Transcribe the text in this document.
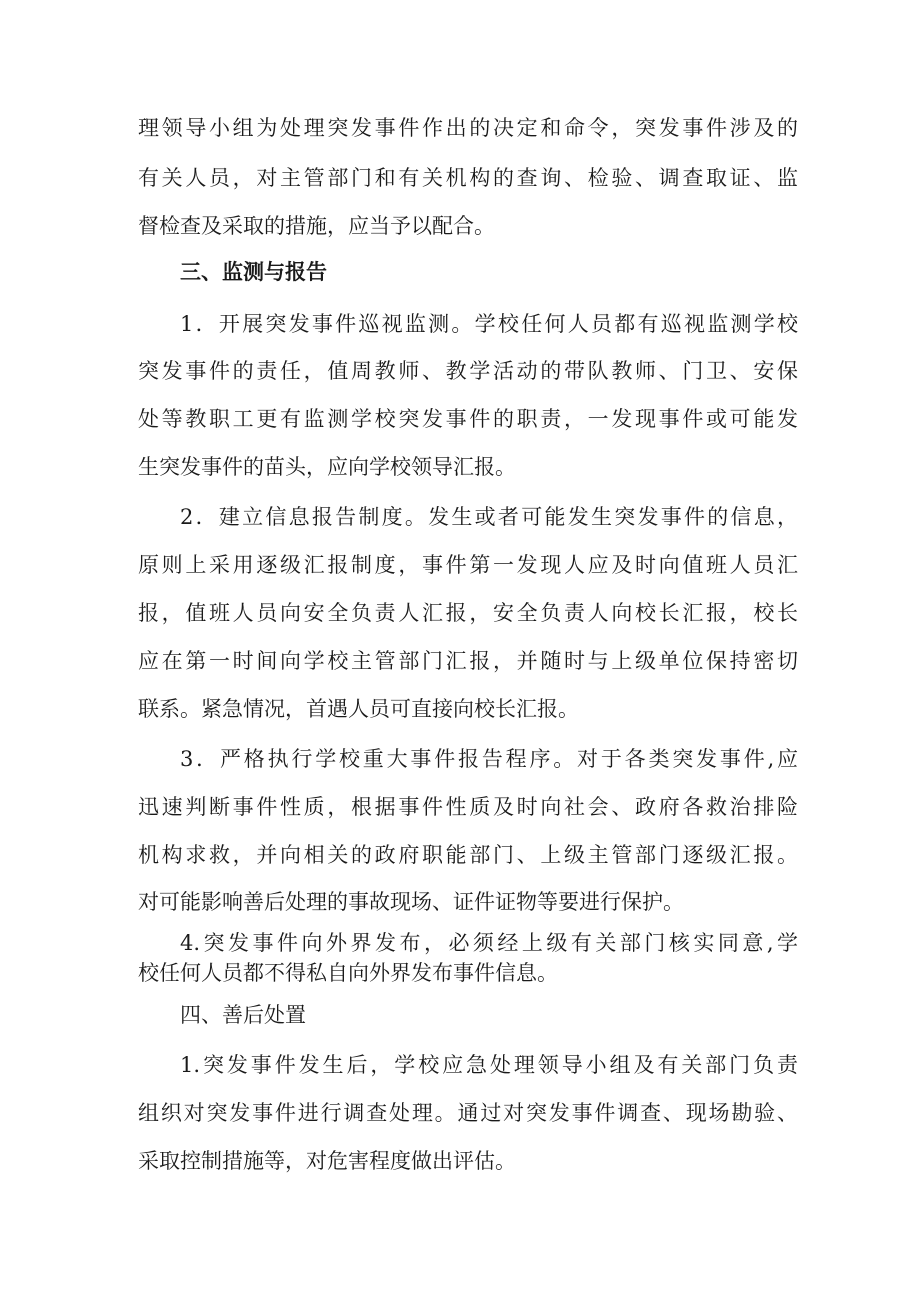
理领导小组为处理突发事件作出的决定和命令，突发事件涉及的
有关人员，对主管部门和有关机构的查询、检验、调查取证、监
督检查及采取的措施，应当予以配合。
三、监测与报告
1．开展突发事件巡视监测。学校任何人员都有巡视监测学校
突发事件的责任，值周教师、教学活动的带队教师、门卫、安保
处等教职工更有监测学校突发事件的职责，一发现事件或可能发
生突发事件的苗头，应向学校领导汇报。
2．建立信息报告制度。发生或者可能发生突发事件的信息，
原则上采用逐级汇报制度，事件第一发现人应及时向值班人员汇
报，值班人员向安全负责人汇报，安全负责人向校长汇报，校长
应在第一时间向学校主管部门汇报，并随时与上级单位保持密切
联系。紧急情况，首遇人员可直接向校长汇报。
3．严格执行学校重大事件报告程序。对于各类突发事件,应
迅速判断事件性质，根据事件性质及时向社会、政府各救治排险
机构求救，并向相关的政府职能部门、上级主管部门逐级汇报。
对可能影响善后处理的事故现场、证件证物等要进行保护。
4.突发事件向外界发布，必须经上级有关部门核实同意,学
校任何人员都不得私自向外界发布事件信息。
四、善后处置
1.突发事件发生后，学校应急处理领导小组及有关部门负责
组织对突发事件进行调查处理。通过对突发事件调查、现场勘验、
采取控制措施等，对危害程度做出评估。
